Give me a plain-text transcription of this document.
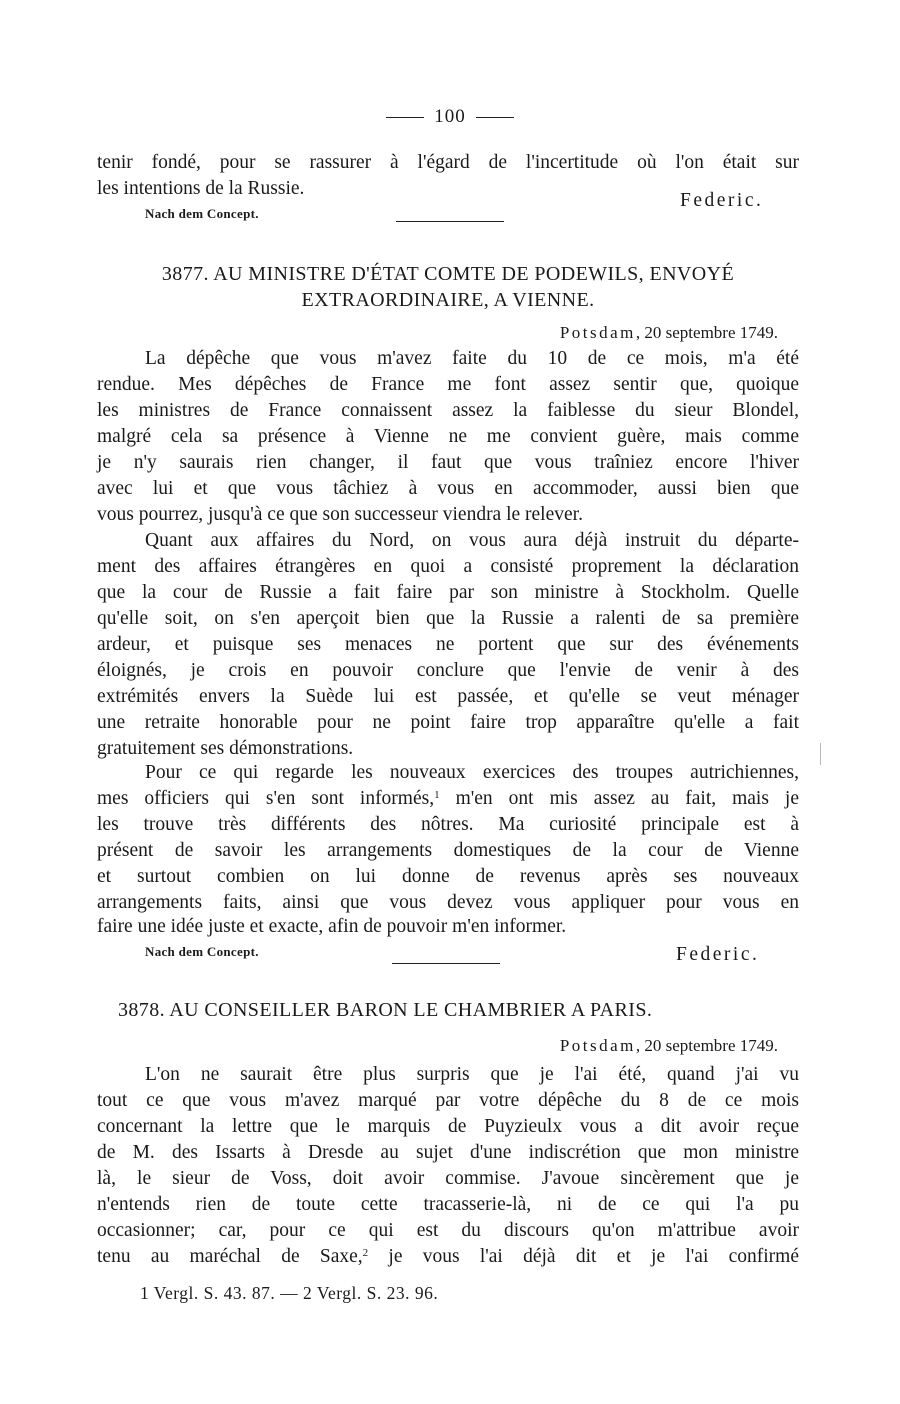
100
tenir fondé, pour se rassurer à l'égard de l'incertitude où l'on était sur
les intentions de la Russie.
Federic.
Nach dem Concept.
3877. AU MINISTRE D'ÉTAT COMTE DE PODEWILS, ENVOYÉ
EXTRAORDINAIRE, A VIENNE.
Potsdam, 20 septembre 1749.
La dépêche que vous m'avez faite du 10 de ce mois, m'a été
rendue. Mes dépêches de France me font assez sentir que, quoique
les ministres de France connaissent assez la faiblesse du sieur Blondel,
malgré cela sa présence à Vienne ne me convient guère, mais comme
je n'y saurais rien changer, il faut que vous traîniez encore l'hiver
avec lui et que vous tâchiez à vous en accommoder, aussi bien que
vous pourrez, jusqu'à ce que son successeur viendra le relever.
Quant aux affaires du Nord, on vous aura déjà instruit du départe-
ment des affaires étrangères en quoi a consisté proprement la déclaration
que la cour de Russie a fait faire par son ministre à Stockholm. Quelle
qu'elle soit, on s'en aperçoit bien que la Russie a ralenti de sa première
ardeur, et puisque ses menaces ne portent que sur des événements
éloignés, je crois en pouvoir conclure que l'envie de venir à des
extrémités envers la Suède lui est passée, et qu'elle se veut ménager
une retraite honorable pour ne point faire trop apparaître qu'elle a fait
gratuitement ses démonstrations.
Pour ce qui regarde les nouveaux exercices des troupes autrichiennes,
mes officiers qui s'en sont informés,$^1$ m'en ont mis assez au fait, mais je
les trouve très différents des nôtres. Ma curiosité principale est à
présent de savoir les arrangements domestiques de la cour de Vienne
et surtout combien on lui donne de revenus après ses nouveaux
arrangements faits, ainsi que vous devez vous appliquer pour vous en
faire une idée juste et exacte, afin de pouvoir m'en informer.
Nach dem Concept.	Federic.
3878. AU CONSEILLER BARON LE CHAMBRIER A PARIS.
Potsdam, 20 septembre 1749.
L'on ne saurait être plus surpris que je l'ai été, quand j'ai vu
tout ce que vous m'avez marqué par votre dépêche du 8 de ce mois
concernant la lettre que le marquis de Puyzieulx vous a dit avoir reçue
de M. des Issarts à Dresde au sujet d'une indiscrétion que mon ministre
là, le sieur de Voss, doit avoir commise. J'avoue sincèrement que je
n'entends rien de toute cette tracasserie-là, ni de ce qui l'a pu
occasionner; car, pour ce qui est du discours qu'on m'attribue avoir
tenu au maréchal de Saxe,$^2$ je vous l'ai déjà dit et je l'ai confirmé
1 Vergl. S. 43. 87. — 2 Vergl. S. 23. 96.
